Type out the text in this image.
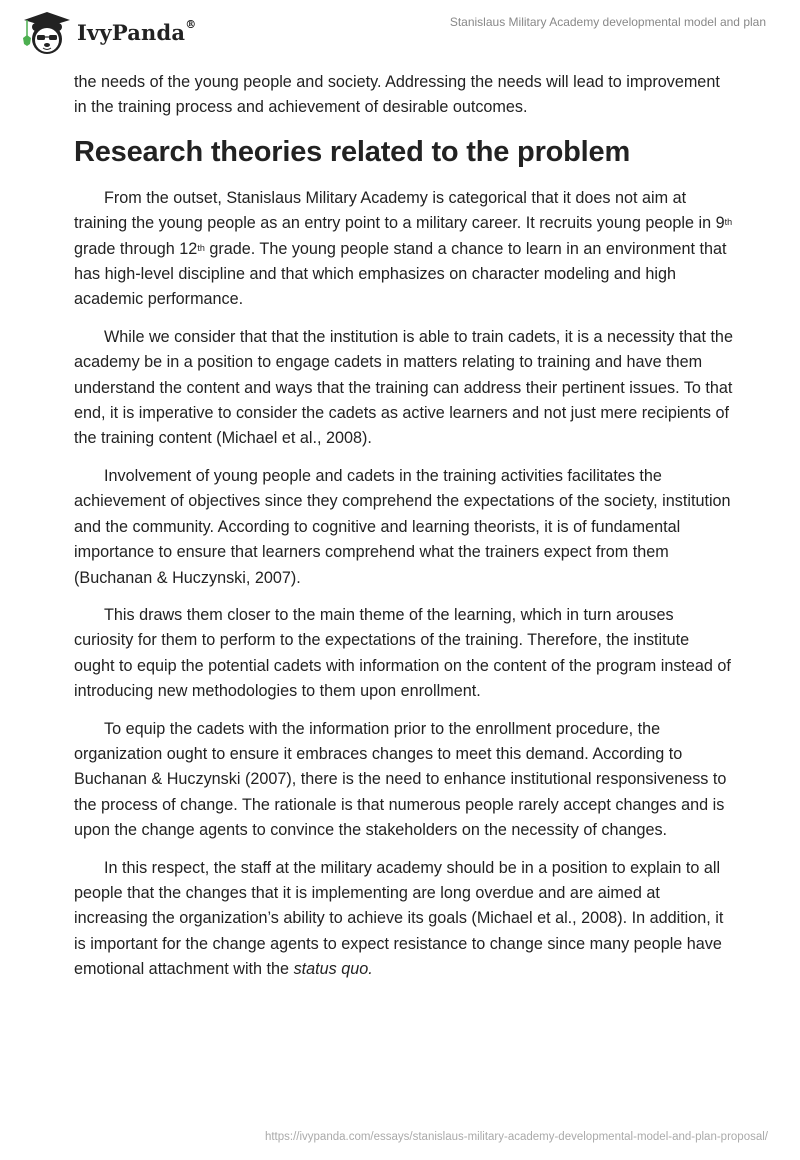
IvyPanda®	Stanislaus Military Academy developmental model and plan

the needs of the young people and society. Addressing the needs will lead to improvement in the training process and achievement of desirable outcomes.

Research theories related to the problem

From the outset, Stanislaus Military Academy is categorical that it does not aim at training the young people as an entry point to a military career. It recruits young people in 9th grade through 12th grade. The young people stand a chance to learn in an environment that has high-level discipline and that which emphasizes on character modeling and high academic performance.

While we consider that that the institution is able to train cadets, it is a necessity that the academy be in a position to engage cadets in matters relating to training and have them understand the content and ways that the training can address their pertinent issues. To that end, it is imperative to consider the cadets as active learners and not just mere recipients of the training content (Michael et al., 2008).

Involvement of young people and cadets in the training activities facilitates the achievement of objectives since they comprehend the expectations of the society, institution and the community. According to cognitive and learning theorists, it is of fundamental importance to ensure that learners comprehend what the trainers expect from them (Buchanan & Huczynski, 2007).

This draws them closer to the main theme of the learning, which in turn arouses curiosity for them to perform to the expectations of the training. Therefore, the institute ought to equip the potential cadets with information on the content of the program instead of introducing new methodologies to them upon enrollment.

To equip the cadets with the information prior to the enrollment procedure, the organization ought to ensure it embraces changes to meet this demand. According to Buchanan & Huczynski (2007), there is the need to enhance institutional responsiveness to the process of change. The rationale is that numerous people rarely accept changes and is upon the change agents to convince the stakeholders on the necessity of changes.

In this respect, the staff at the military academy should be in a position to explain to all people that the changes that it is implementing are long overdue and are aimed at increasing the organization’s ability to achieve its goals (Michael et al., 2008). In addition, it is important for the change agents to expect resistance to change since many people have emotional attachment with the status quo.

https://ivypanda.com/essays/stanislaus-military-academy-developmental-model-and-plan-proposal/
